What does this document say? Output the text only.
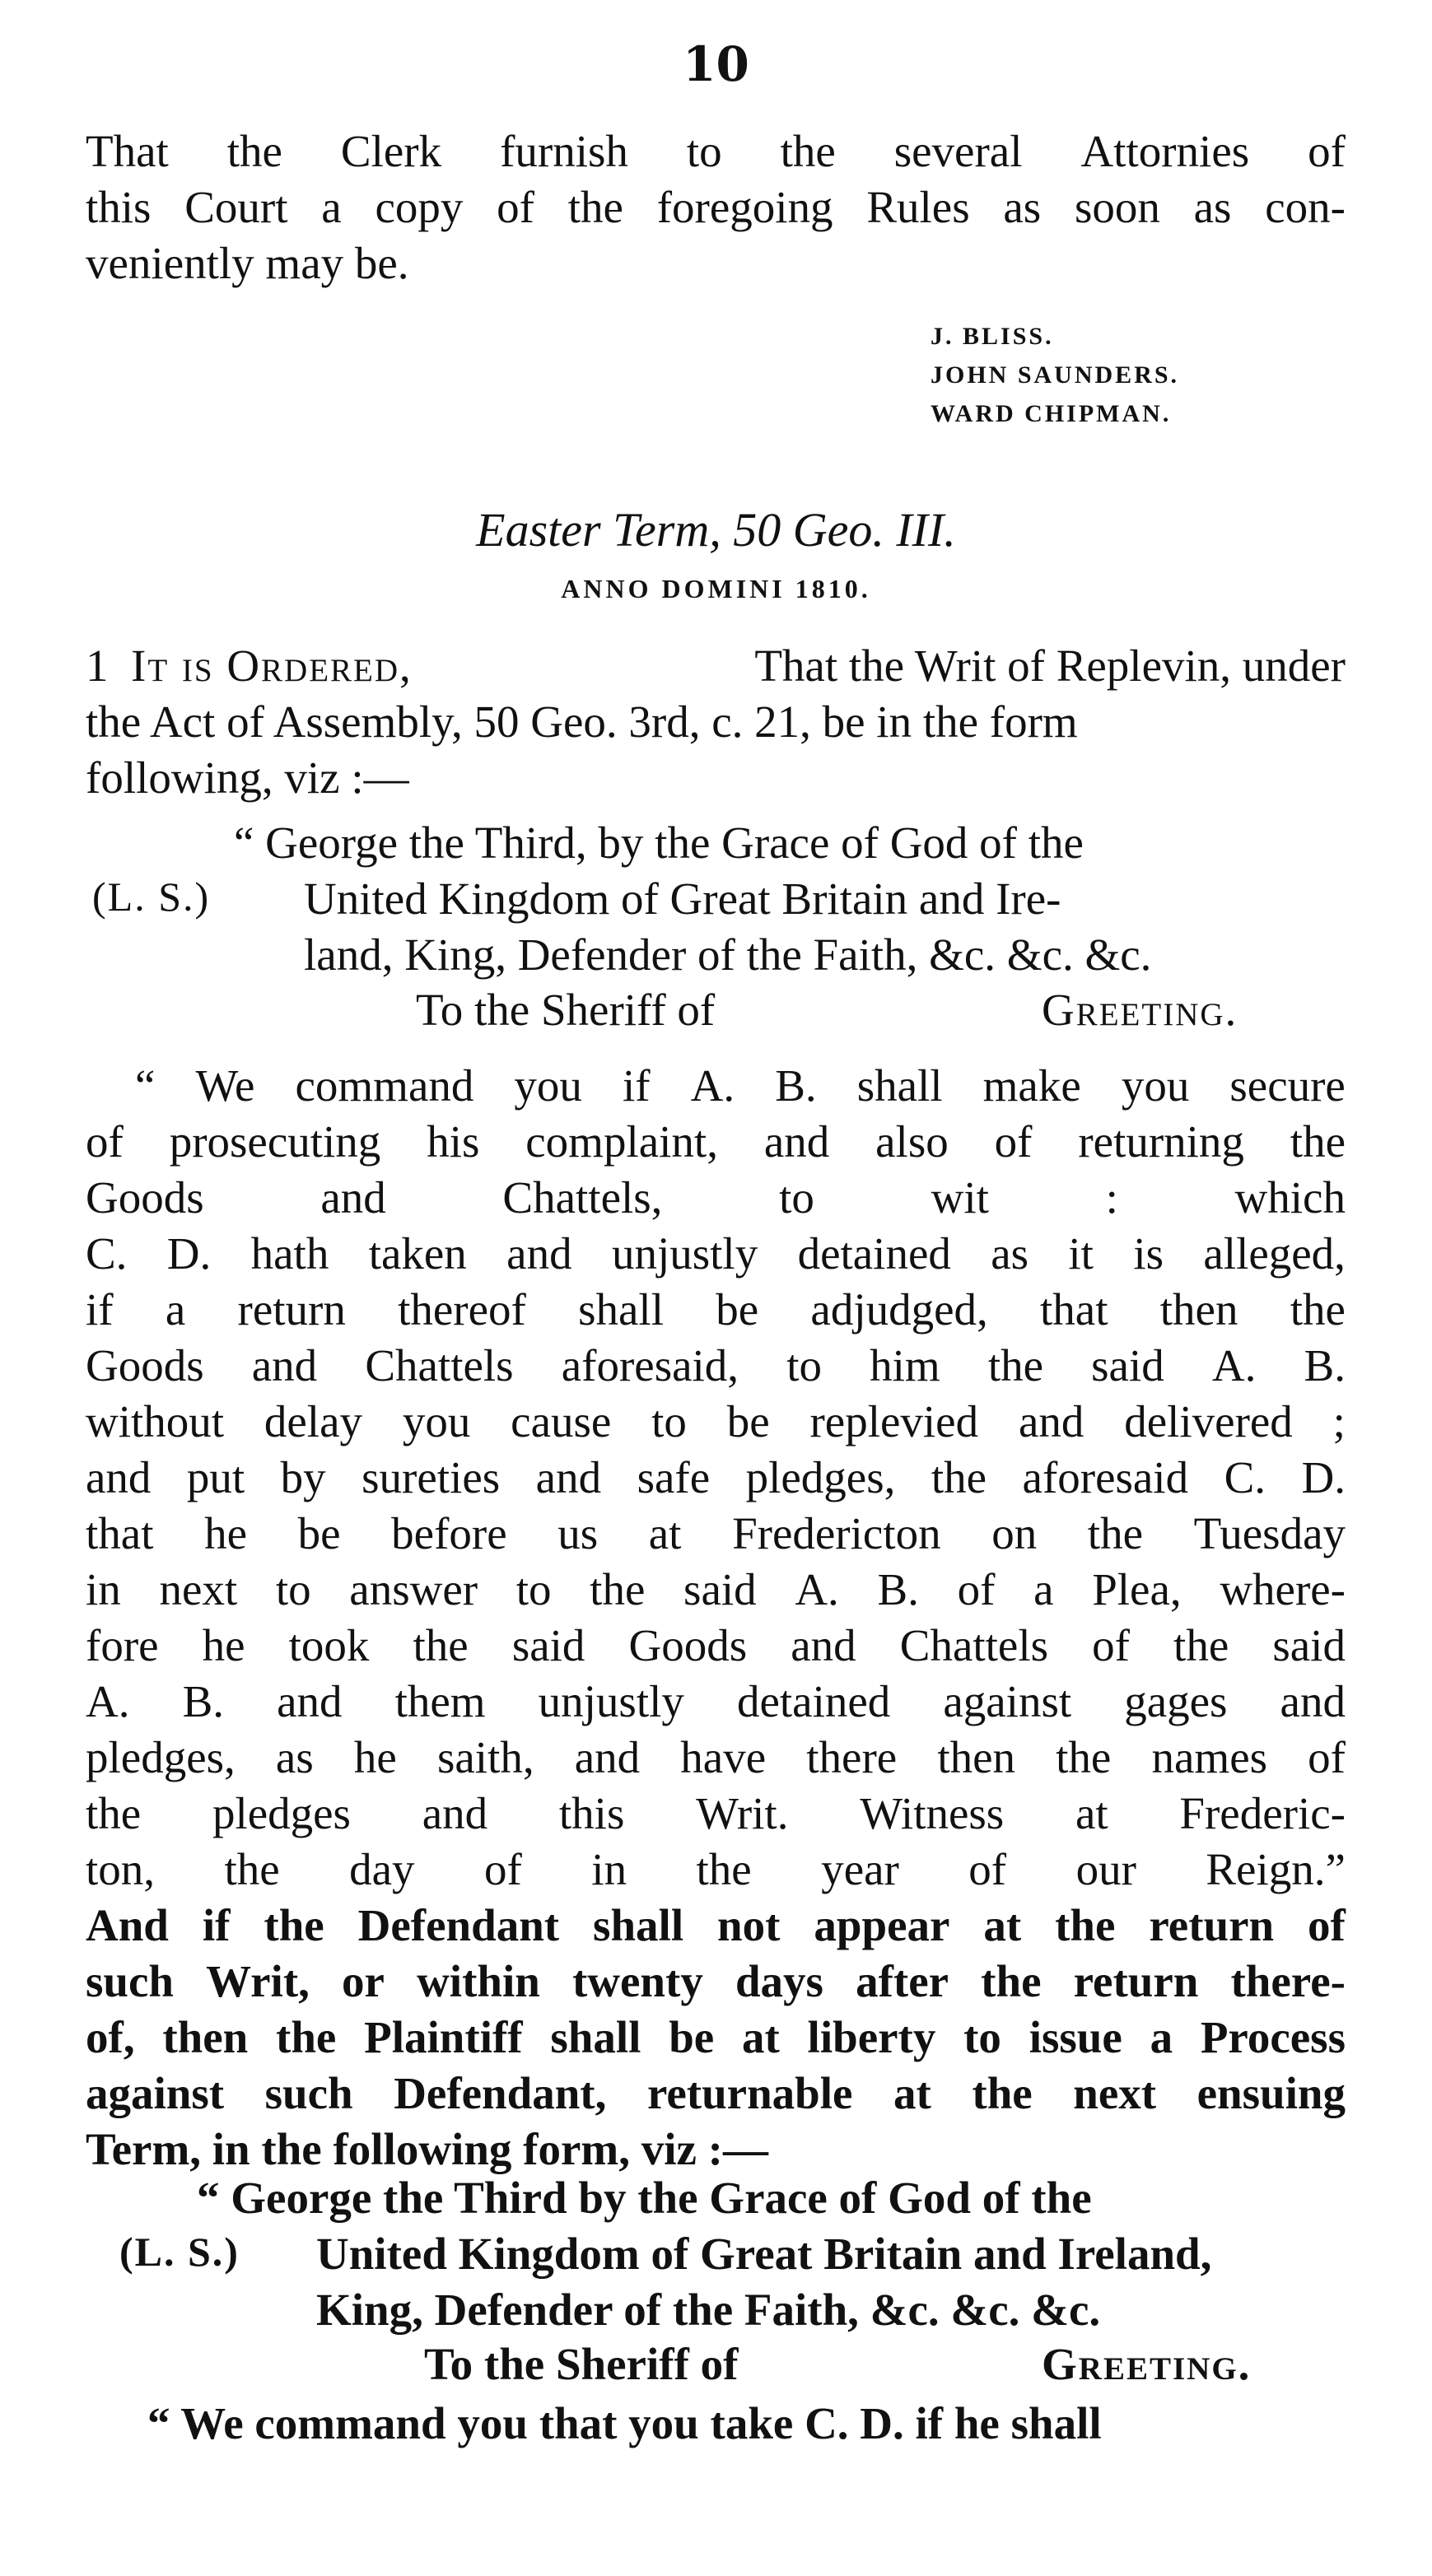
10
That the Clerk furnish to the several Attornies of
this Court a copy of the foregoing Rules as soon as con-
veniently may be.
J. BLISS.
JOHN SAUNDERS.
WARD CHIPMAN.
Easter Term, 50 Geo. III.
ANNO DOMINI 1810.
1 It is Ordered,	That the Writ of Replevin, under
the Act of Assembly, 50 Geo. 3rd, c. 21, be in the form
following, viz :—
“ George the Third, by the Grace of God of the
United Kingdom of Great Britain and Ire-
land, King, Defender of the Faith, &c. &c. &c.
(L. S.)
To the Sheriff of	Greeting.
“ We command you if A. B. shall make you secure
of prosecuting his complaint, and also of returning the
Goods	and	Chattels,	to	wit	:	which
C. D. hath taken and unjustly detained as it is alleged,
if a return thereof shall be adjudged, that then the
Goods and Chattels aforesaid, to him the said A. B.
without delay you cause to be replevied and delivered ;
and put by sureties and safe pledges, the aforesaid C. D.
that he be before us at Fredericton on the Tuesday
in next to answer to the said A. B. of a Plea, where-
fore he took the said Goods and Chattels of the said
A. B. and them unjustly detained against gages and
pledges, as he saith, and have there then the names of
the pledges and this Writ. Witness at Frederic-
ton, the day of in the year of our Reign.”
And if the Defendant shall not appear at the return of
such Writ, or within twenty days after the return there-
of, then the Plaintiff shall be at liberty to issue a Process
against such Defendant, returnable at the next ensuing
Term, in the following form, viz :—
“ George the Third by the Grace of God of the
United Kingdom of Great Britain and Ireland,
King, Defender of the Faith, &c. &c. &c.
(L. S.)
To the Sheriff of	Greeting.
“ We command you that you take C. D. if he shall
